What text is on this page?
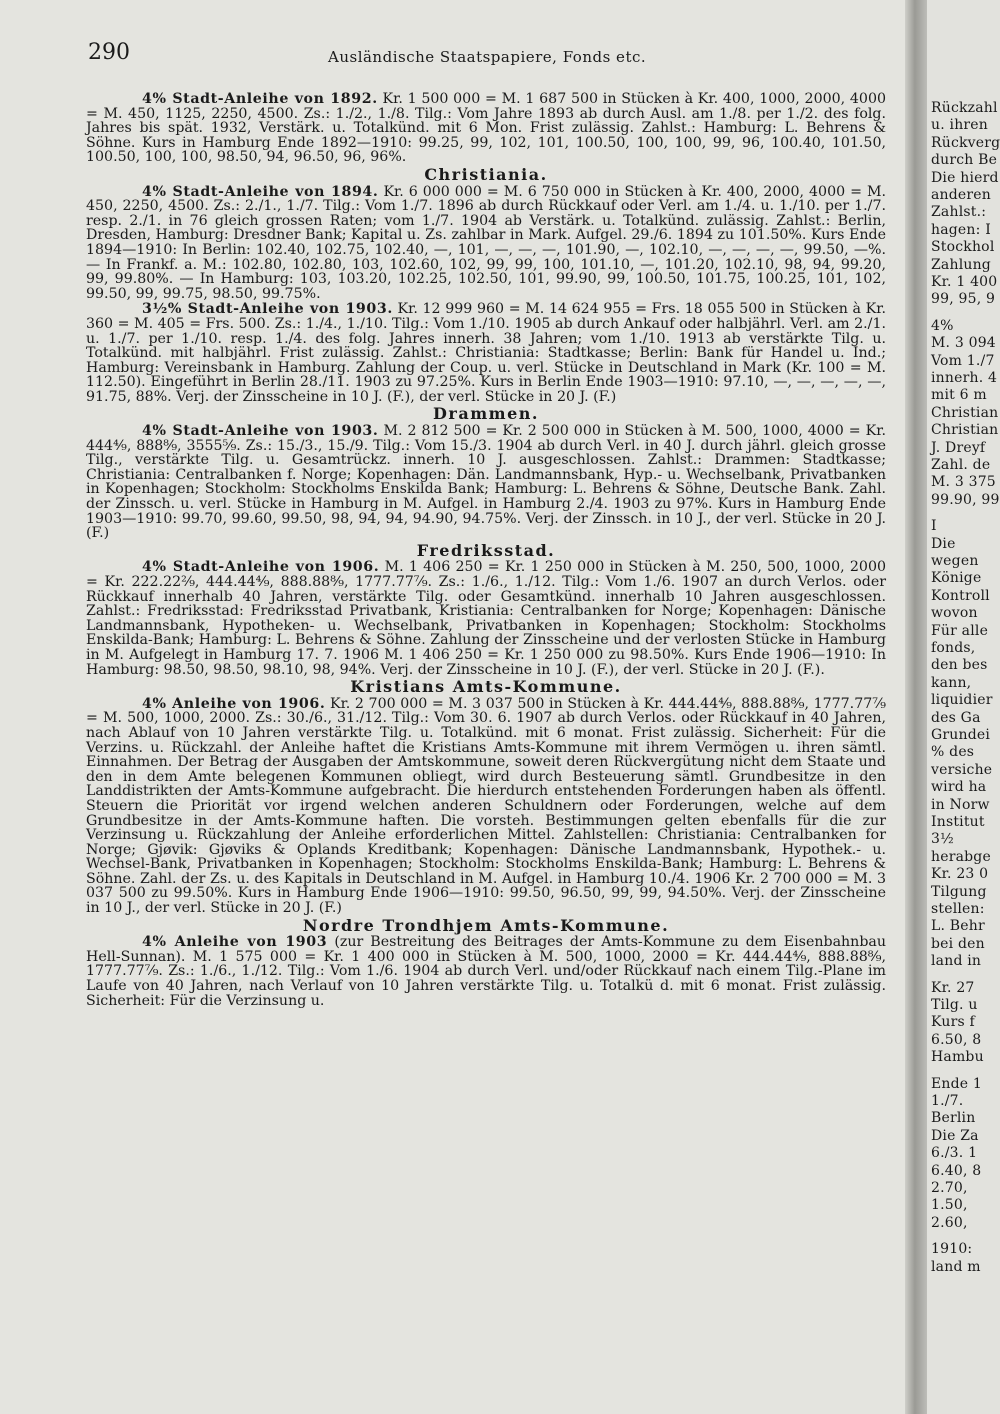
290	Ausländische Staatspapiere, Fonds etc.

4% Stadt-Anleihe von 1892. Kr. 1 500 000 = M. 1 687 500 in Stücken à Kr. 400, 1000, 2000, 4000 = M. 450, 1125, 2250, 4500. Zs.: 1./2., 1./8. Tilg.: Vom Jahre 1893 ab durch Ausl. am 1./8. per 1./2. des folg. Jahres bis spät. 1932, Verstärk. u. Totalkünd. mit 6 Mon. Frist zulässig. Zahlst.: Hamburg: L. Behrens & Söhne. Kurs in Hamburg Ende 1892—1910: 99.25, 99, 102, 101, 100.50, 100, 100, 99, 96, 100.40, 101.50, 100.50, 100, 100, 98.50, 94, 96.50, 96, 96%.

Christiania.

4% Stadt-Anleihe von 1894. Kr. 6 000 000 = M. 6 750 000 in Stücken à Kr. 400, 2000, 4000 = M. 450, 2250, 4500. Zs.: 2./1., 1./7. Tilg.: Vom 1./7. 1896 ab durch Rückkauf oder Verl. am 1./4. u. 1./10. per 1./7. resp. 2./1. in 76 gleich grossen Raten; vom 1./7. 1904 ab Verstärk. u. Totalkünd. zulässig. Zahlst.: Berlin, Dresden, Hamburg: Dresdner Bank; Kapital u. Zs. zahlbar in Mark. Aufgel. 29./6. 1894 zu 101.50%. Kurs Ende 1894—1910: In Berlin: 102.40, 102.75, 102.40, —, 101, —, —, —, 101.90, —, 102.10, —, —, —, —, 99.50, —%. — In Frankf. a. M.: 102.80, 102.80, 103, 102.60, 102, 99, 99, 100, 101.10, —, 101.20, 102.10, 98, 94, 99.20, 99, 99.80%. — In Hamburg: 103, 103.20, 102.25, 102.50, 101, 99.90, 99, 100.50, 101.75, 100.25, 101, 102, 99.50, 99, 99.75, 98.50, 99.75%.

3½% Stadt-Anleihe von 1903. Kr. 12 999 960 = M. 14 624 955 = Frs. 18 055 500 in Stücken à Kr. 360 = M. 405 = Frs. 500. Zs.: 1./4., 1./10. Tilg.: Vom 1./10. 1905 ab durch Ankauf oder halbjährl. Verl. am 2./1. u. 1./7. per 1./10. resp. 1./4. des folg. Jahres innerh. 38 Jahren; vom 1./10. 1913 ab verstärkte Tilg. u. Totalkünd. mit halbjährl. Frist zulässig. Zahlst.: Christiania: Stadtkasse; Berlin: Bank für Handel u. Ind.; Hamburg: Vereinsbank in Hamburg. Zahlung der Coup. u. verl. Stücke in Deutschland in Mark (Kr. 100 = M. 112.50). Eingeführt in Berlin 28./11. 1903 zu 97.25%. Kurs in Berlin Ende 1903—1910: 97.10, —, —, —, —, —, 91.75, 88%. Verj. der Zinsscheine in 10 J. (F.), der verl. Stücke in 20 J. (F.)

Drammen.

4% Stadt-Anleihe von 1903. M. 2 812 500 = Kr. 2 500 000 in Stücken à M. 500, 1000, 4000 = Kr. 444⁴⁄₉, 888⁸⁄₉, 3555⁵⁄₉. Zs.: 15./3., 15./9. Tilg.: Vom 15./3. 1904 ab durch Verl. in 40 J. durch jährl. gleich grosse Tilg., verstärkte Tilg. u. Gesamtrückz. innerh. 10 J. ausgeschlossen. Zahlst.: Drammen: Stadtkasse; Christiania: Centralbanken f. Norge; Kopenhagen: Dän. Landmannsbank, Hyp.- u. Wechselbank, Privatbanken in Kopenhagen; Stockholm: Stockholms Enskilda Bank; Hamburg: L. Behrens & Söhne, Deutsche Bank. Zahl. der Zinssch. u. verl. Stücke in Hamburg in M. Aufgel. in Hamburg 2./4. 1903 zu 97%. Kurs in Hamburg Ende 1903—1910: 99.70, 99.60, 99.50, 98, 94, 94, 94.90, 94.75%. Verj. der Zinssch. in 10 J., der verl. Stücke in 20 J. (F.)

Fredriksstad.

4% Stadt-Anleihe von 1906. M. 1 406 250 = Kr. 1 250 000 in Stücken à M. 250, 500, 1000, 2000 = Kr. 222.22²⁄₉, 444.44⁴⁄₉, 888.88⁸⁄₉, 1777.77⁷⁄₉. Zs.: 1./6., 1./12. Tilg.: Vom 1./6. 1907 an durch Verlos. oder Rückkauf innerhalb 40 Jahren, verstärkte Tilg. oder Gesamtkünd. innerhalb 10 Jahren ausgeschlossen. Zahlst.: Fredriksstad: Fredriksstad Privatbank, Kristiania: Centralbanken for Norge; Kopenhagen: Dänische Landmannsbank, Hypotheken- u. Wechselbank, Privatbanken in Kopenhagen; Stockholm: Stockholms Enskilda-Bank; Hamburg: L. Behrens & Söhne. Zahlung der Zinsscheine und der verlosten Stücke in Hamburg in M. Aufgelegt in Hamburg 17. 7. 1906 M. 1 406 250 = Kr. 1 250 000 zu 98.50%. Kurs Ende 1906—1910: In Hamburg: 98.50, 98.50, 98.10, 98, 94%. Verj. der Zinsscheine in 10 J. (F.), der verl. Stücke in 20 J. (F.).

Kristians Amts-Kommune.

4% Anleihe von 1906. Kr. 2 700 000 = M. 3 037 500 in Stücken à Kr. 444.44⁴⁄₉, 888.88⁸⁄₉, 1777.77⁷⁄₉ = M. 500, 1000, 2000. Zs.: 30./6., 31./12. Tilg.: Vom 30. 6. 1907 ab durch Verlos. oder Rückkauf in 40 Jahren, nach Ablauf von 10 Jahren verstärkte Tilg. u. Totalkünd. mit 6 monat. Frist zulässig. Sicherheit: Für die Verzins. u. Rückzahl. der Anleihe haftet die Kristians Amts-Kommune mit ihrem Vermögen u. ihren sämtl. Einnahmen. Der Betrag der Ausgaben der Amtskommune, soweit deren Rückvergütung nicht dem Staate und den in dem Amte belegenen Kommunen obliegt, wird durch Besteuerung sämtl. Grundbesitze in den Landdistrikten der Amts-Kommune aufgebracht. Die hierdurch entstehenden Forderungen haben als öffentl. Steuern die Priorität vor irgend welchen anderen Schuldnern oder Forderungen, welche auf dem Grundbesitze in der Amts-Kommune haften. Die vorsteh. Bestimmungen gelten ebenfalls für die zur Verzinsung u. Rückzahlung der Anleihe erforderlichen Mittel. Zahlstellen: Christiania: Centralbanken for Norge; Gjøvik: Gjøviks & Oplands Kreditbank; Kopenhagen: Dänische Landmannsbank, Hypothek.- u. Wechsel-Bank, Privatbanken in Kopenhagen; Stockholm: Stockholms Enskilda-Bank; Hamburg: L. Behrens & Söhne. Zahl. der Zs. u. des Kapitals in Deutschland in M. Aufgel. in Hamburg 10./4. 1906 Kr. 2 700 000 = M. 3 037 500 zu 99.50%. Kurs in Hamburg Ende 1906—1910: 99.50, 96.50, 99, 99, 94.50%. Verj. der Zinsscheine in 10 J., der verl. Stücke in 20 J. (F.)

Nordre Trondhjem Amts-Kommune.

4% Anleihe von 1903 (zur Bestreitung des Beitrages der Amts-Kommune zu dem Eisenbahnbau Hell-Sunnan). M. 1 575 000 = Kr. 1 400 000 in Stücken à M. 500, 1000, 2000 = Kr. 444.44⁴⁄₉, 888.88⁸⁄₉, 1777.77⁷⁄₉. Zs.: 1./6., 1./12. Tilg.: Vom 1./6. 1904 ab durch Verl. und/oder Rückkauf nach einem Tilg.-Plane im Laufe von 40 Jahren, nach Verlauf von 10 Jahren verstärkte Tilg. u. Totalkü d. mit 6 monat. Frist zulässig. Sicherheit: Für die Verzinsung u.

Rückzahl
u. ihren
Rückverg
durch Be
Die hierd
anderen
Zahlst.:
hagen: I
Stockhol
Zahlung
Kr. 1 400
99, 95, 9
4%
M. 3 094
Vom 1./7
innerh. 4
mit 6 m
Christian
Christian
J. Dreyf
Zahl. de
M. 3 375
99.90, 99
I
Die
wegen
Könige
Kontroll
wovon
Für alle
fonds,
den bes
kann,
liquidier
des Ga
Grundei
% des
versiche
wird ha
in Norw
Institut
3½
herabge
Kr. 23 0
Tilgung
stellen:
L. Behr
bei den
land in
Kr. 27
Tilg. u
Kurs f
6.50, 8
Hambu
Ende 1
1./7.
Berlin
Die Za
6./3. 1
6.40, 8
2.70,
1.50,
2.60,
1910:
land m
